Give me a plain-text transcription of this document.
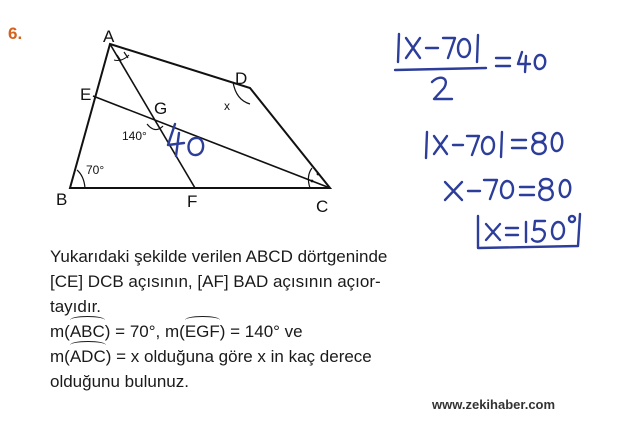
6.	A
D
E
G
B	F	C
140°
70°
x

Yukarıdaki şekilde verilen ABCD dörtgeninde

[CE] DCB açısının, [AF] BAD açısının açıor-

tayıdır.

m(ABC) = 70°, m(EGF) = 140° ve

m(ADC) = x olduğuna göre x in kaç derece

olduğunu bulunuz.

www.zekihaber.com
